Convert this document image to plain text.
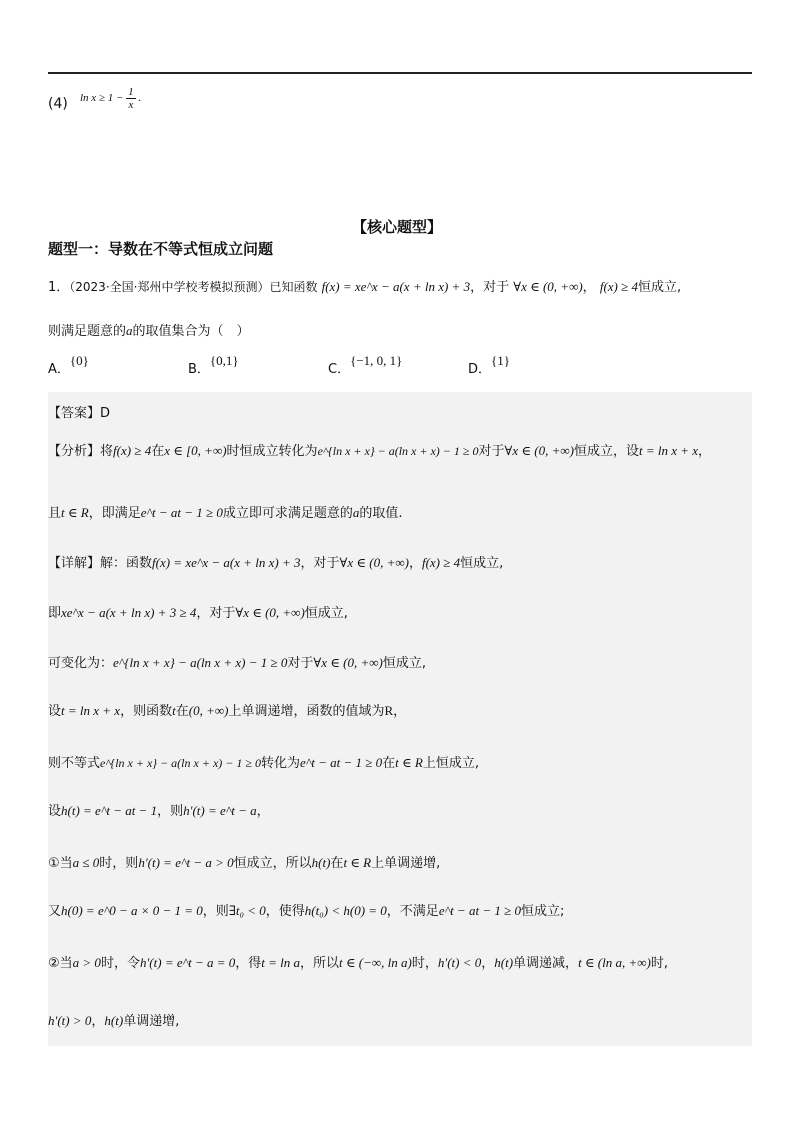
(4) $\ln x \ge 1 - \frac{1}{x}$ .
【核心题型】
题型一：导数在不等式恒成立问题
1．（2023·全国·郑州中学校考模拟预测）已知函数 f(x) = xe^x − a(x + ln x) + 3，对于 ∀x ∈ (0, +∞)， f(x) ≥ 4恒成立,
则满足题意的a的取值集合为（　）
A．{0}
B．{0,1}
C．{−1, 0, 1}
D．{1}
【答案】D
【分析】将f(x) ≥ 4在x ∈ [0, +∞)时恒成立转化为e^{ln x + x} − a(ln x + x) − 1 ≥ 0对于∀x ∈ (0, +∞)恒成立，设t = ln x + x，
且t ∈ R，即满足e^t − at − 1 ≥ 0成立即可求满足题意的a的取值.
【详解】解：函数f(x) = xe^x − a(x + ln x) + 3，对于∀x ∈ (0, +∞)，f(x) ≥ 4恒成立,
即xe^x − a(x + ln x) + 3 ≥ 4，对于∀x ∈ (0, +∞)恒成立,
可变化为：e^{ln x + x} − a(ln x + x) − 1 ≥ 0对于∀x ∈ (0, +∞)恒成立,
设t = ln x + x，则函数t在(0, +∞)上单调递增，函数的值域为R，
则不等式e^{ln x + x} − a(ln x + x) − 1 ≥ 0转化为e^t − at − 1 ≥ 0在t ∈ R上恒成立,
设h(t) = e^t − at − 1，则h′(t) = e^t − a，
①当a ≤ 0时，则h′(t) = e^t − a > 0恒成立，所以h(t)在t ∈ R上单调递增,
又h(0) = e^0 − a × 0 − 1 = 0，则∃t₀ < 0，使得h(t₀) < h(0) = 0，不满足e^t − at − 1 ≥ 0恒成立;
②当a > 0时，令h′(t) = e^t − a = 0，得t = ln a，所以t ∈ (−∞, ln a)时，h′(t) < 0，h(t)单调递减，t ∈ (ln a, +∞)时,
h′(t) > 0，h(t)单调递增,
